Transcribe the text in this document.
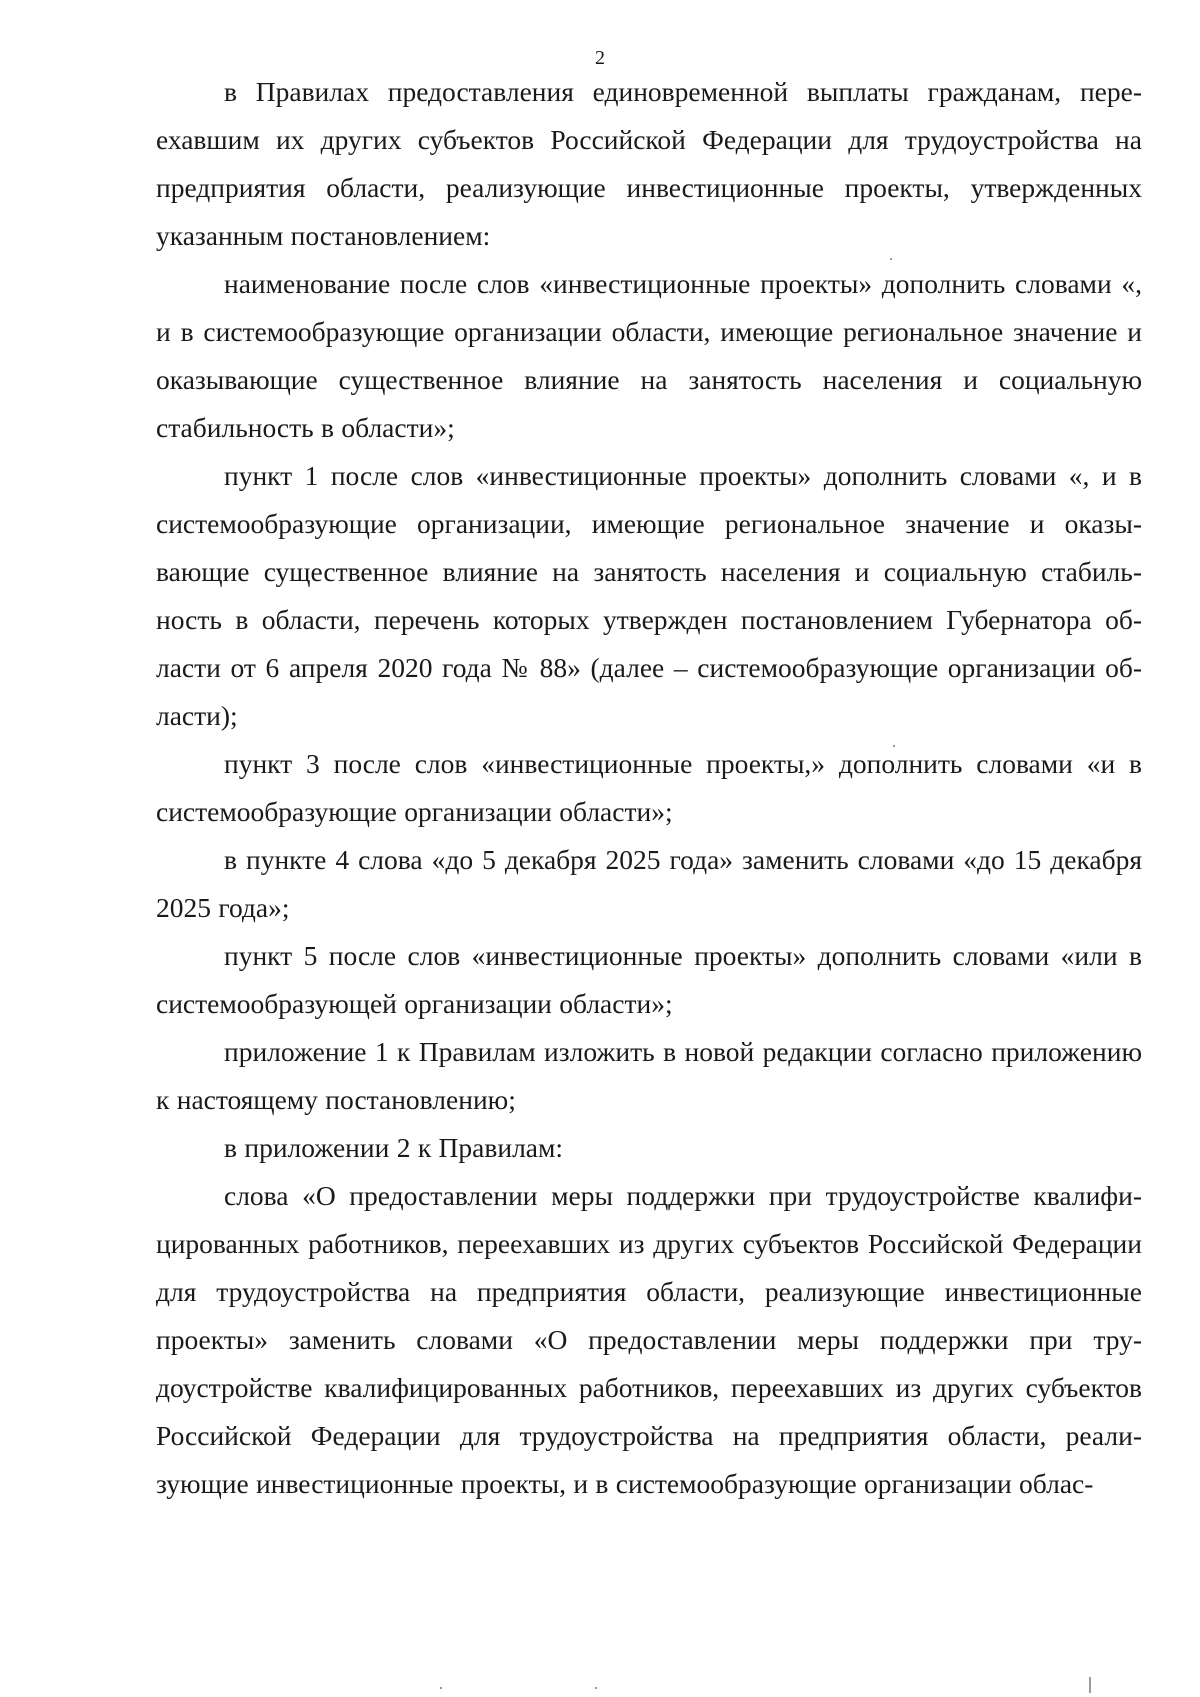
2

в Правилах предоставления единовременной выплаты гражданам, переехавшим их других субъектов Российской Федерации для трудоустройства на предприятия области, реализующие инвестиционные проекты, утвержденных указанным постановлением:

наименование после слов «инвестиционные проекты» дополнить словами «, и в системообразующие организации области, имеющие региональное значение и оказывающие существенное влияние на занятость населения и социальную стабильность в области»;

пункт 1 после слов «инвестиционные проекты» дополнить словами «, и в системообразующие организации, имеющие региональное значение и оказывающие существенное влияние на занятость населения и социальную стабильность в области, перечень которых утвержден постановлением Губернатора области от 6 апреля 2020 года № 88» (далее – системообразующие организации области);

пункт 3 после слов «инвестиционные проекты,» дополнить словами «и в системообразующие организации области»;

в пункте 4 слова «до 5 декабря 2025 года» заменить словами «до 15 декабря 2025 года»;

пункт 5 после слов «инвестиционные проекты» дополнить словами «или в системообразующей организации области»;

приложение 1 к Правилам изложить в новой редакции согласно приложению к настоящему постановлению;

в приложении 2 к Правилам:

слова «О предоставлении меры поддержки при трудоустройстве квалифицированных работников, переехавших из других субъектов Российской Федерации для трудоустройства на предприятия области, реализующие инвестиционные проекты» заменить словами «О предоставлении меры поддержки при трудоустройстве квалифицированных работников, переехавших из других субъектов Российской Федерации для трудоустройства на предприятия области, реализующие инвестиционные проекты, и в системообразующие организации облас-
